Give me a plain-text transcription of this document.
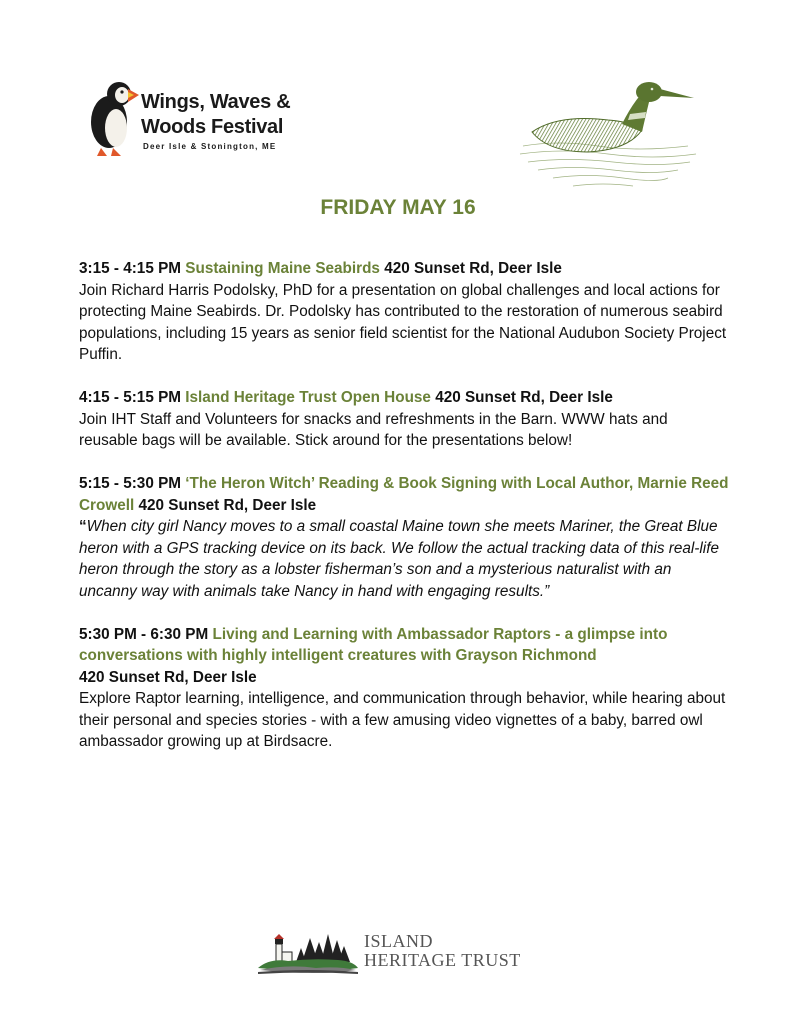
Wings, Waves &
Woods Festival
Deer Isle & Stonington, ME
FRIDAY MAY 16
3:15 - 4:15 PM Sustaining Maine Seabirds 420 Sunset Rd, Deer Isle
Join Richard Harris Podolsky, PhD for a presentation on global challenges and local actions for protecting Maine Seabirds. Dr. Podolsky has contributed to the restoration of numerous seabird populations, including 15 years as senior field scientist for the National Audubon Society Project Puffin.
4:15 - 5:15 PM Island Heritage Trust Open House 420 Sunset Rd, Deer Isle
Join IHT Staff and Volunteers for snacks and refreshments in the Barn. WWW hats and reusable bags will be available. Stick around for the presentations below!
5:15 - 5:30 PM ‘The Heron Witch’ Reading & Book Signing with Local Author, Marnie Reed Crowell 420 Sunset Rd, Deer Isle
“When city girl Nancy moves to a small coastal Maine town she meets Mariner, the Great Blue heron with a GPS tracking device on its back. We follow the actual tracking data of this real-life heron through the story as a lobster fisherman’s son and a mysterious naturalist with an uncanny way with animals take Nancy in hand with engaging results.”
5:30 PM - 6:30 PM Living and Learning with Ambassador Raptors - a glimpse into conversations with highly intelligent creatures with Grayson Richmond
420 Sunset Rd, Deer Isle
Explore Raptor learning, intelligence, and communication through behavior, while hearing about their personal and species stories - with a few amusing video vignettes of a baby, barred owl ambassador growing up at Birdsacre.
ISLAND
HERITAGE TRUST
